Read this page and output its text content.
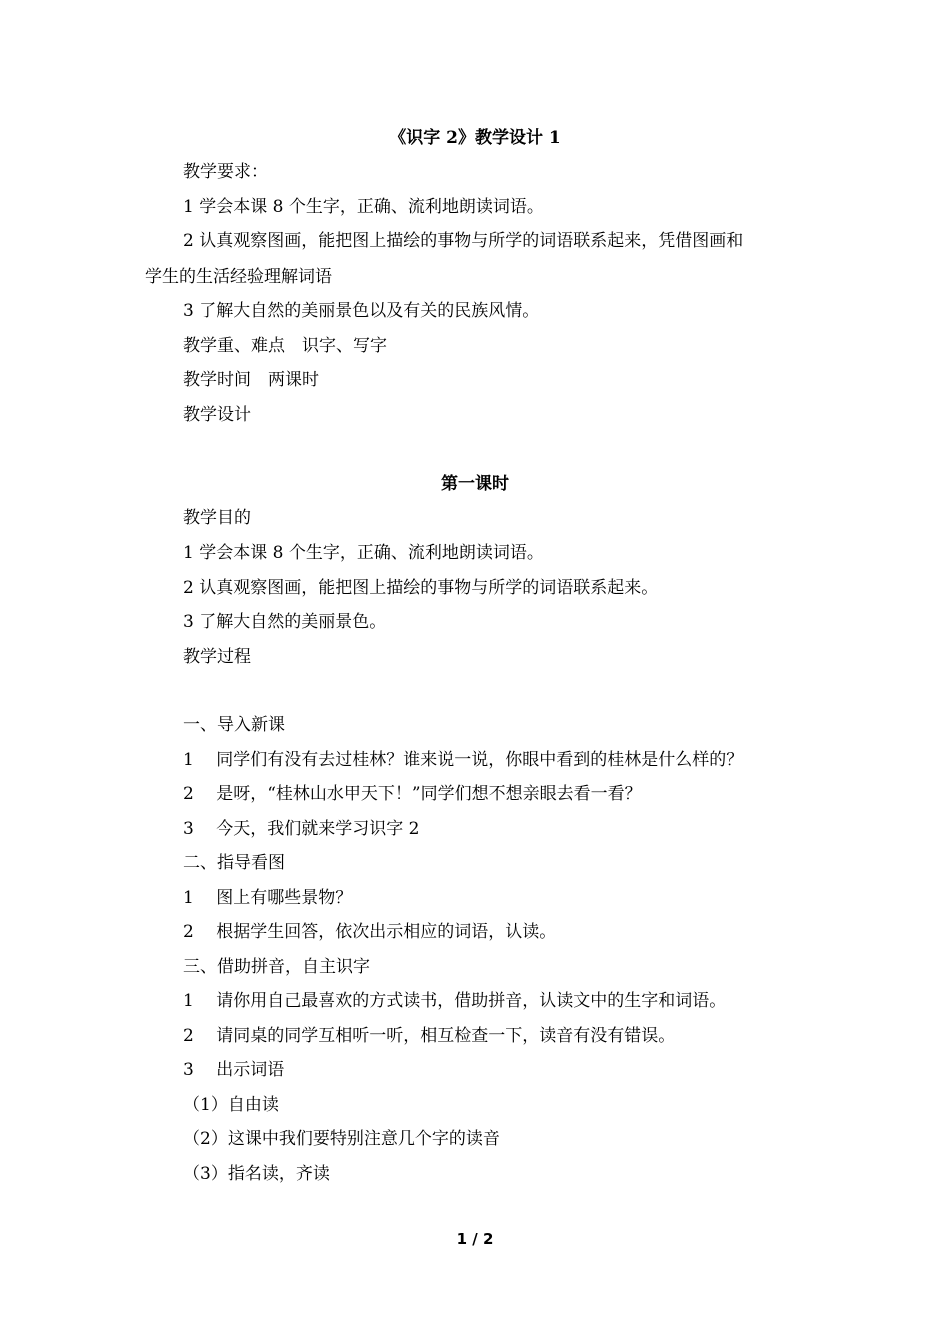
《识字 2》教学设计 1

教学要求：

1 学会本课 8 个生字，正确、流利地朗读词语。

2 认真观察图画，能把图上描绘的事物与所学的词语联系起来，凭借图画和

学生的生活经验理解词语

3 了解大自然的美丽景色以及有关的民族风情。

教学重、难点　识字、写字

教学时间　两课时

教学设计

第一课时

教学目的

1 学会本课 8 个生字，正确、流利地朗读词语。

2 认真观察图画，能把图上描绘的事物与所学的词语联系起来。

3 了解大自然的美丽景色。

教学过程

一、导入新课

1　 同学们有没有去过桂林？谁来说一说，你眼中看到的桂林是什么样的？

2　 是呀，“桂林山水甲天下！”同学们想不想亲眼去看一看？

3　 今天，我们就来学习识字 2

二、指导看图

1　 图上有哪些景物？

2　 根据学生回答，依次出示相应的词语，认读。

三、借助拼音，自主识字

1　 请你用自己最喜欢的方式读书，借助拼音，认读文中的生字和词语。

2　 请同桌的同学互相听一听，相互检查一下，读音有没有错误。

3　 出示词语

（1）自由读

（2）这课中我们要特别注意几个字的读音

（3）指名读，齐读

1 / 2
